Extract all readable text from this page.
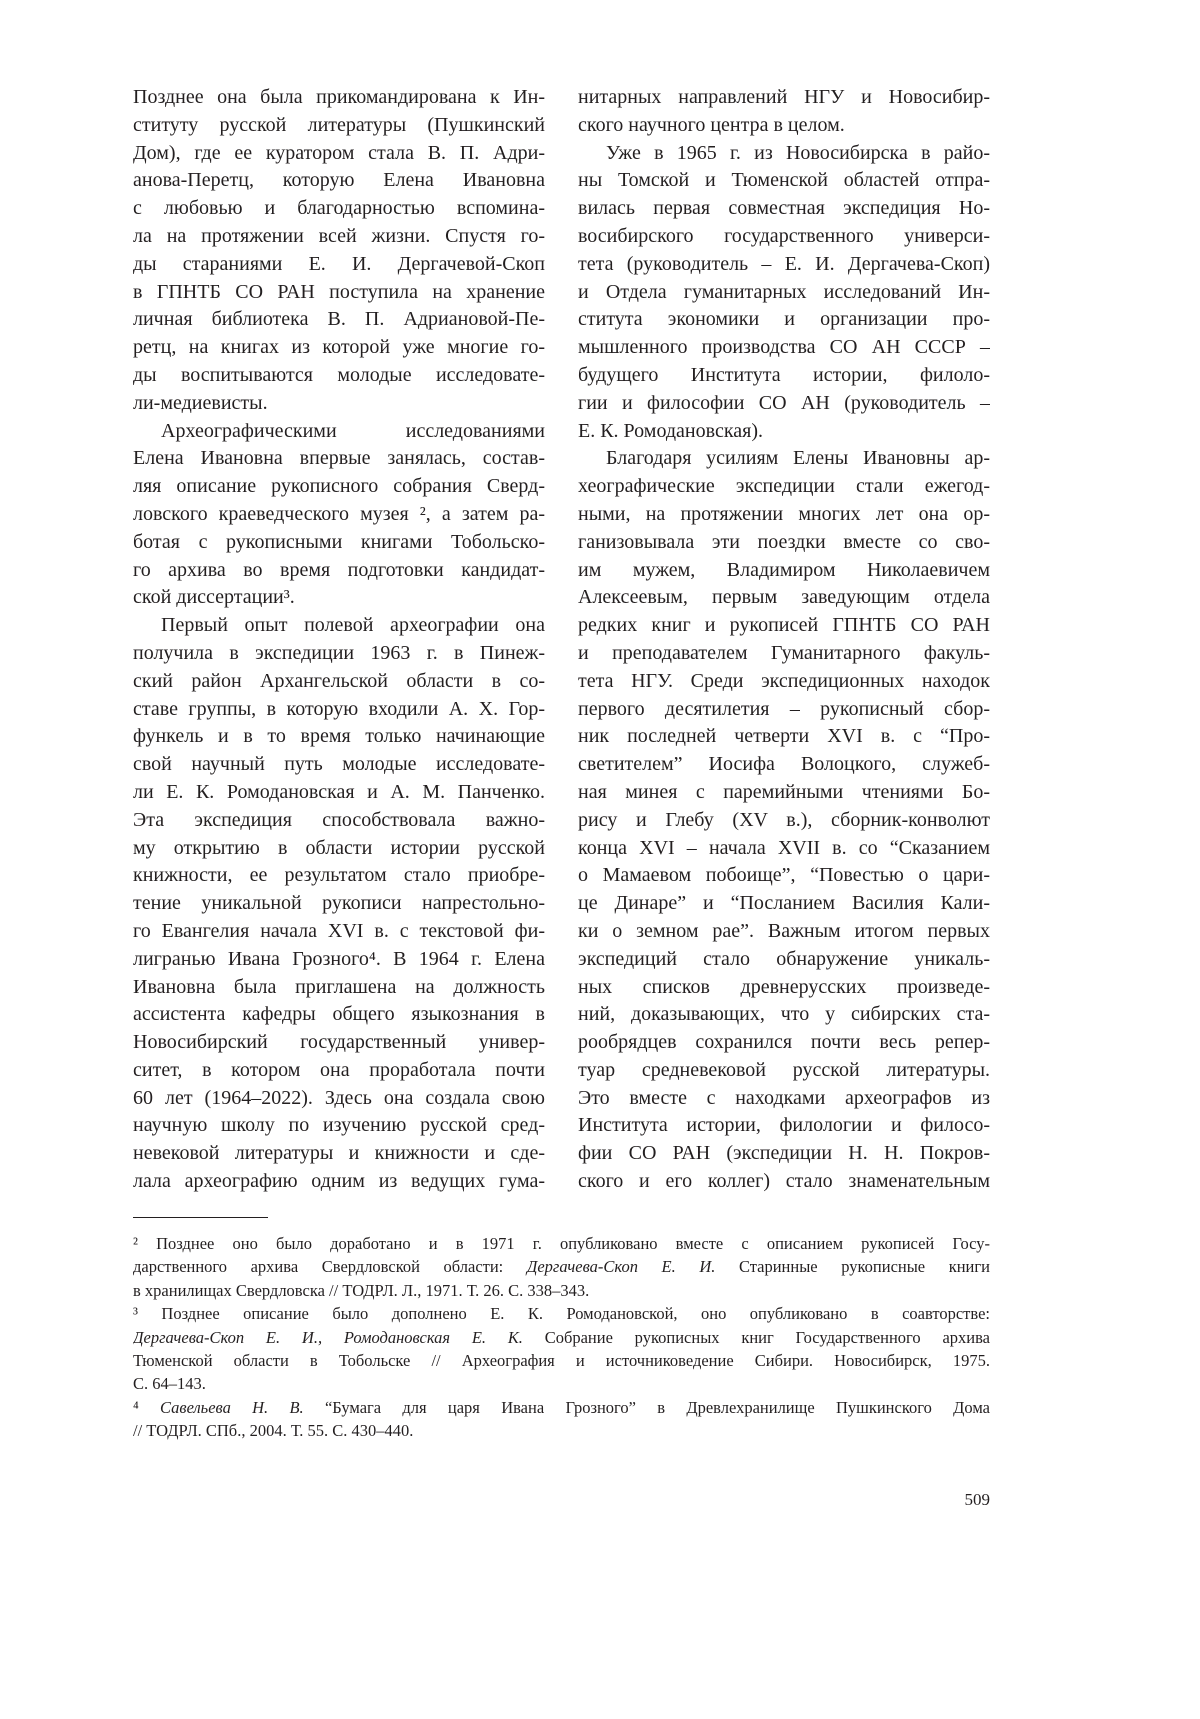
Позднее она была прикомандирована к Ин-
ституту русской литературы (Пушкинский
Дом), где ее куратором стала В. П. Адри-
анова-Перетц, которую Елена Ивановна
с любовью и благодарностью вспомина-
ла на протяжении всей жизни. Спустя го-
ды стараниями Е. И. Дергачевой-Скоп
в ГПНТБ СО РАН поступила на хранение
личная библиотека В. П. Адриановой-Пе-
ретц, на книгах из которой уже многие го-
ды воспитываются молодые исследовате-
ли-медиевисты.
Археографическими исследованиями
Елена Ивановна впервые занялась, состав-
ляя описание рукописного собрания Сверд-
ловского краеведческого музея ², а затем ра-
ботая с рукописными книгами Тобольско-
го архива во время подготовки кандидат-
ской диссертации³.
Первый опыт полевой археографии она
получила в экспедиции 1963 г. в Пинеж-
ский район Архангельской области в со-
ставе группы, в которую входили А. Х. Гор-
функель и в то время только начинающие
свой научный путь молодые исследовате-
ли Е. К. Ромодановская и А. М. Панченко.
Эта экспедиция способствовала важно-
му открытию в области истории русской
книжности, ее результатом стало приобре-
тение уникальной рукописи напрестольно-
го Евангелия начала XVI в. с текстовой фи-
лигранью Ивана Грозного⁴. В 1964 г. Елена
Ивановна была приглашена на должность
ассистента кафедры общего языкознания в
Новосибирский государственный универ-
ситет, в котором она проработала почти
60 лет (1964–2022). Здесь она создала свою
научную школу по изучению русской сред-
невековой литературы и книжности и сде-
лала археографию одним из ведущих гума-
нитарных направлений НГУ и Новосибир-
ского научного центра в целом.
Уже в 1965 г. из Новосибирска в райо-
ны Томской и Тюменской областей отпра-
вилась первая совместная экспедиция Но-
восибирского государственного универси-
тета (руководитель – Е. И. Дергачева-Скоп)
и Отдела гуманитарных исследований Ин-
ститута экономики и организации про-
мышленного производства СО АН СССР –
будущего Института истории, филоло-
гии и философии СО АН (руководитель –
Е. К. Ромодановская).
Благодаря усилиям Елены Ивановны ар-
хеографические экспедиции стали ежегод-
ными, на протяжении многих лет она ор-
ганизовывала эти поездки вместе со сво-
им мужем, Владимиром Николаевичем
Алексеевым, первым заведующим отдела
редких книг и рукописей ГПНТБ СО РАН
и преподавателем Гуманитарного факуль-
тета НГУ. Среди экспедиционных находок
первого десятилетия – рукописный сбор-
ник последней четверти XVI в. с “Про-
светителем” Иосифа Волоцкого, служеб-
ная минея с паремийными чтениями Бо-
рису и Глебу (XV в.), сборник-конволют
конца XVI – начала XVII в. со “Сказанием
о Мамаевом побоище”, “Повестью о цари-
це Динаре” и “Посланием Василия Кали-
ки о земном рае”. Важным итогом первых
экспедиций стало обнаружение уникаль-
ных списков древнерусских произведе-
ний, доказывающих, что у сибирских ста-
рообрядцев сохранился почти весь репер-
туар средневековой русской литературы.
Это вместе с находками археографов из
Института истории, филологии и филосо-
фии СО РАН (экспедиции Н. Н. Покров-
ского и его коллег) стало знаменательным
² Позднее оно было доработано и в 1971 г. опубликовано вместе с описанием рукописей Госу-
дарственного архива Свердловской области: Дергачева-Скоп Е. И. Старинные рукописные книги
в хранилищах Свердловска // ТОДРЛ. Л., 1971. Т. 26. С. 338–343.
³ Позднее описание было дополнено Е. К. Ромодановской, оно опубликовано в соавторстве:
Дергачева-Скоп Е. И., Ромодановская Е. К. Собрание рукописных книг Государственного архива
Тюменской области в Тобольске // Археография и источниковедение Сибири. Новосибирск, 1975.
С. 64–143.
⁴ Савельева Н. В. “Бумага для царя Ивана Грозного” в Древлехранилище Пушкинского Дома
// ТОДРЛ. СПб., 2004. Т. 55. С. 430–440.
509
